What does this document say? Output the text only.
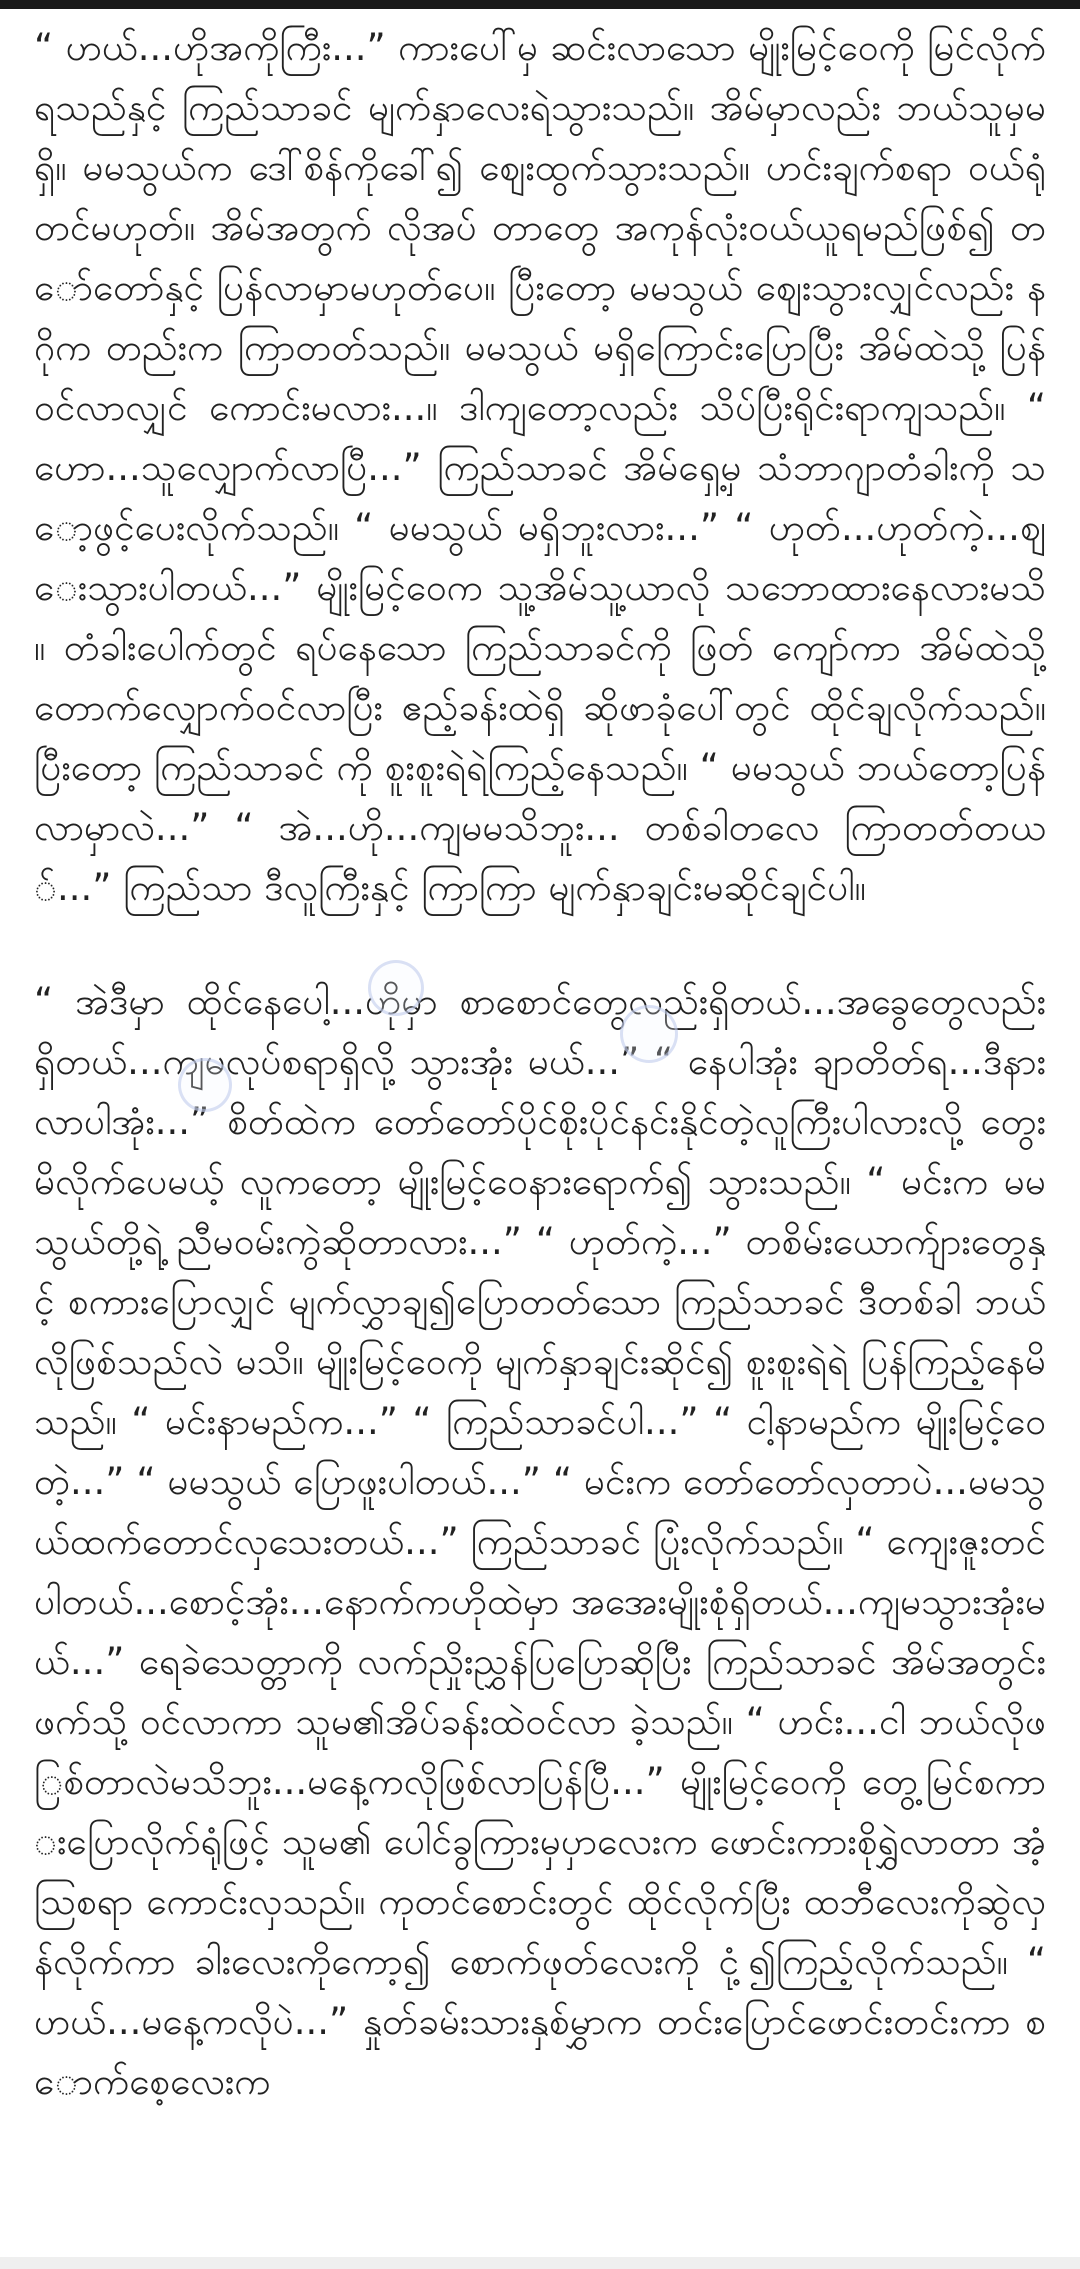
“ ဟယ်...ဟိုအကိုကြီး...” ကားပေါ်မှ ဆင်းလာသော မျိုးမြင့်ဝေကို မြင်လိုက်ရသည်နှင့် ကြည်သာခင် မျက်နှာလေးရဲသွားသည်။ အိမ်မှာလည်း ဘယ်သူမှမရှိ။ မမသွယ်က ဒေါ်စိန်ကိုခေါ်၍ ဈေးထွက်သွားသည်။ ဟင်းချက်စရာ ဝယ်ရုံတင်မဟုတ်။ အိမ်အတွက် လိုအပ် တာတွေ အကုန်လုံးဝယ်ယူရမည်ဖြစ်၍ တော်တော်နှင့် ပြန်လာမှာမဟုတ်ပေ။ ပြီးတော့ မမသွယ် ဈေးသွားလျှင်လည်း နဂိုက တည်းက ကြာတတ်သည်။ မမသွယ် မရှိကြောင်းပြောပြီး အိမ်ထဲသို့ ပြန်ဝင်လာလျှင် ကောင်းမလား...။ ဒါကျတော့လည်း သိပ်ပြီးရိုင်းရာကျသည်။ “ ဟော...သူလျှောက်လာပြီ...” ကြည်သာခင် အိမ်ရှေ့မှ သံဘာဂျာတံခါးကို သော့ဖွင့်ပေးလိုက်သည်။ “ မမသွယ် မရှိဘူးလား...” “ ဟုတ်...ဟုတ်ကဲ့...ဈေးသွားပါတယ်...” မျိုးမြင့်ဝေက သူ့အိမ်သူ့ယာလို သဘောထားနေလားမသိ။ တံခါးပေါက်တွင် ရပ်နေသော ကြည်သာခင်ကို ဖြတ် ကျော်ကာ အိမ်ထဲသို့ တောက်လျှောက်ဝင်လာပြီး ဧည့်ခန်းထဲရှိ ဆိုဖာခုံပေါ်တွင် ထိုင်ချလိုက်သည်။ ပြီးတော့ ကြည်သာခင် ကို စူးစူးရဲရဲကြည့်နေသည်။ “ မမသွယ် ဘယ်တော့ပြန်လာမှာလဲ...” “ အဲ...ဟို...ကျမမသိဘူး... တစ်ခါတလေ ကြာတတ်တယ်...” ကြည်သာ ဒီလူကြီးနှင့် ကြာကြာ မျက်နှာချင်းမဆိုင်ချင်ပါ။

“ အဲဒီမှာ ထိုင်နေပေါ့...ဟိုမှာ စာစောင်တွေလည်းရှိတယ်...အခွေတွေလည်း ရှိတယ်...ကျမလုပ်စရာရှိလို့ သွားအုံး မယ်...” “ နေပါအုံး ချာတိတ်ရ...ဒီနားလာပါအုံး...” စိတ်ထဲက တော်တော်ပိုင်စိုးပိုင်နင်းနိုင်တဲ့လူကြီးပါလားလို့ တွေးမိလိုက်ပေမယ့် လူကတော့ မျိုးမြင့်ဝေနားရောက်၍ သွားသည်။ “ မင်းက မမသွယ်တို့ရဲ့ ညီမဝမ်းကွဲဆိုတာလား...” “ ဟုတ်ကဲ့...” တစိမ်းယောက်ျားတွေနှင့် စကားပြောလျှင် မျက်လွှာချ၍ပြောတတ်သော ကြည်သာခင် ဒီတစ်ခါ ဘယ်လိုဖြစ်သည်လဲ မသိ။ မျိုးမြင့်ဝေကို မျက်နှာချင်းဆိုင်၍ စူးစူးရဲရဲ ပြန်ကြည့်နေမိသည်။ “ မင်းနာမည်က...” “ ကြည်သာခင်ပါ...” “ ငါ့နာမည်က မျိုးမြင့်ဝေတဲ့...” “ မမသွယ် ပြောဖူးပါတယ်...” “ မင်းက တော်တော်လှတာပဲ...မမသွယ်ထက်တောင်လှသေးတယ်...” ကြည်သာခင် ပြုံးလိုက်သည်။ “ ကျေးဇူးတင်ပါတယ်...စောင့်အုံး...နောက်ကဟိုထဲမှာ အအေးမျိုးစုံရှိတယ်...ကျမသွားအုံးမယ်...” ရေခဲသေတ္တာကို လက်ညှိုးညွှန်ပြပြောဆိုပြီး ကြည်သာခင် အိမ်အတွင်းဖက်သို့ ဝင်လာကာ သူမ၏အိပ်ခန်းထဲဝင်လာ ခဲ့သည်။ “ ဟင်း...ငါ ဘယ်လိုဖြစ်တာလဲမသိဘူး...မနေ့ကလိုဖြစ်လာပြန်ပြီ...” မျိုးမြင့်ဝေကို တွေ့မြင်စကားပြောလိုက်ရုံဖြင့် သူမ၏ ပေါင်ခွကြားမှပှာလေးက ဖောင်းကားစိုရွှဲလာတာ အံ့ဩစရာ ကောင်းလှသည်။ ကုတင်စောင်းတွင် ထိုင်လိုက်ပြီး ထဘီလေးကိုဆွဲလှန်လိုက်ကာ ခါးလေးကိုကော့၍ စောက်ဖုတ်လေးကို ငုံ့၍ကြည့်လိုက်သည်။ “ ဟယ်...မနေ့ကလိုပဲ...” နှုတ်ခမ်းသားနှစ်မွှာက တင်းပြောင်ဖောင်းတင်းကာ စောက်စေ့လေးက
